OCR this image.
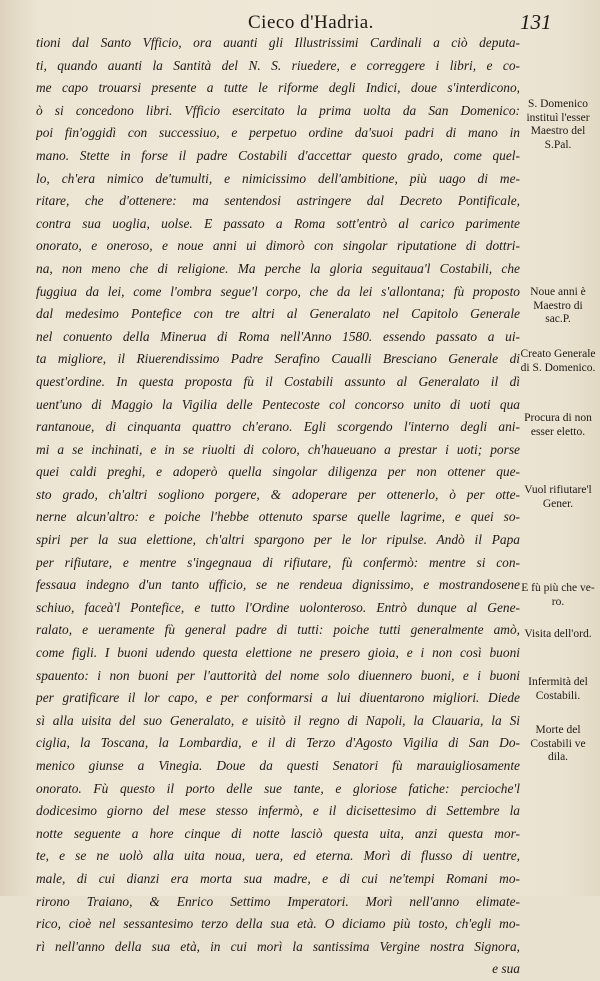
Cieco d'Hadria.	131
tioni dal Santo Vfficio, ora auanti gli Illustrissimi Cardinali a ciò deputa-
ti, quando auanti la Santità del N. S. riuedere, e correggere i libri, e co-
me capo trouarsi presente a tutte le riforme degli Indici, doue s'interdicono,
ò si concedono libri. Vfficio esercitato la prima uolta da San Domenico:
poi fin'oggidì con successiuo, e perpetuo ordine da'suoi padri di mano in
mano. Stette in forse il padre Costabili d'accettar questo grado, come quel-
lo, ch'era nimico de'tumulti, e nimicissimo dell'ambitione, più uago di me-
ritare, che d'ottenere: ma sentendosi astringere dal Decreto Pontificale,
contra sua uoglia, uolse. E passato a Roma sott'entrò al carico parimente
onorato, e oneroso, e noue anni ui dimorò con singolar riputatione di dottri-
na, non meno che di religione. Ma perche la gloria seguitaua'l Costabili, che
fuggiua da lei, come l'ombra segue'l corpo, che da lei s'allontana; fù proposto
dal medesimo Pontefice con tre altri al Generalato nel Capitolo Generale
nel conuento della Minerua di Roma nell'Anno 1580. essendo passato a ui-
ta migliore, il Riuerendissimo Padre Serafino Caualli Bresciano Generale di
quest'ordine. In questa proposta fù il Costabili assunto al Generalato il dì
uent'uno di Maggio la Vigilia delle Pentecoste col concorso unito di uoti qua
rantanoue, di cinquanta quattro ch'erano. Egli scorgendo l'interno degli ani-
mi a se inchinati, e in se riuolti di coloro, ch'haueuano a prestar i uoti; porse
quei caldi preghi, e adoperò quella singolar diligenza per non ottener que-
sto grado, ch'altri sogliono porgere, & adoperare per ottenerlo, ò per otte-
nerne alcun'altro: e poiche l'hebbe ottenuto sparse quelle lagrime, e quei so-
spiri per la sua elettione, ch'altri spargono per le lor ripulse. Andò il Papa
per rifiutare, e mentre s'ingegnaua di rifiutare, fù confermò: mentre si con-
fessaua indegno d'un tanto ufficio, se ne rendeua dignissimo, e mostrandosene
schiuo, faceà'l Pontefice, e tutto l'Ordine uolonteroso. Entrò dunque al Gene-
ralato, e ueramente fù general padre di tutti: poiche tutti generalmente amò,
come figli. I buoni udendo questa elettione ne presero gioia, e i non così buoni
spauento: i non buoni per l'auttorità del nome solo diuennero buoni, e i buoni
per gratificare il lor capo, e per conformarsi a lui diuentarono migliori. Diede
sì alla uisita del suo Generalato, e uisitò il regno di Napoli, la Clauaria, la Si
ciglia, la Toscana, la Lombardia, e il di Terzo d'Agosto Vigilia di San Do-
menico giunse a Vinegia. Doue da questi Senatori fù marauigliosamente
onorato. Fù questo il porto delle sue tante, e gloriose fatiche: percioche'l
dodicesimo giorno del mese stesso infermò, e il dicisettesimo di Settembre la
notte seguente a hore cinque di notte lasciò questa uita, anzi questa mor-
te, e se ne uolò alla uita noua, uera, ed eterna. Morì di flusso di uentre,
male, di cui dianzi era morta sua madre, e di cui ne'tempi Romani mo-
rirono Traiano, & Enrico Settimo Imperatori. Morì nell'anno elimate-
rico, cioè nel sessantesimo terzo della sua età. O diciamo più tosto, ch'egli mo-
rì nell'anno della sua età, in cui morì la santissima Vergine nostra Signora,
e sua
S. Domenico instituì l'esser Maestro del S.Pal.
Noue anni è Maestro di sac.P.
Creato Generale di S. Domenico.
Procura di non esser eletto.
Vuol rifiutare'l Gener.
E fù più che ve-ro.
Visita dell'ord.
Infermità del Costabili.
Morte del Costabili ve dila.
